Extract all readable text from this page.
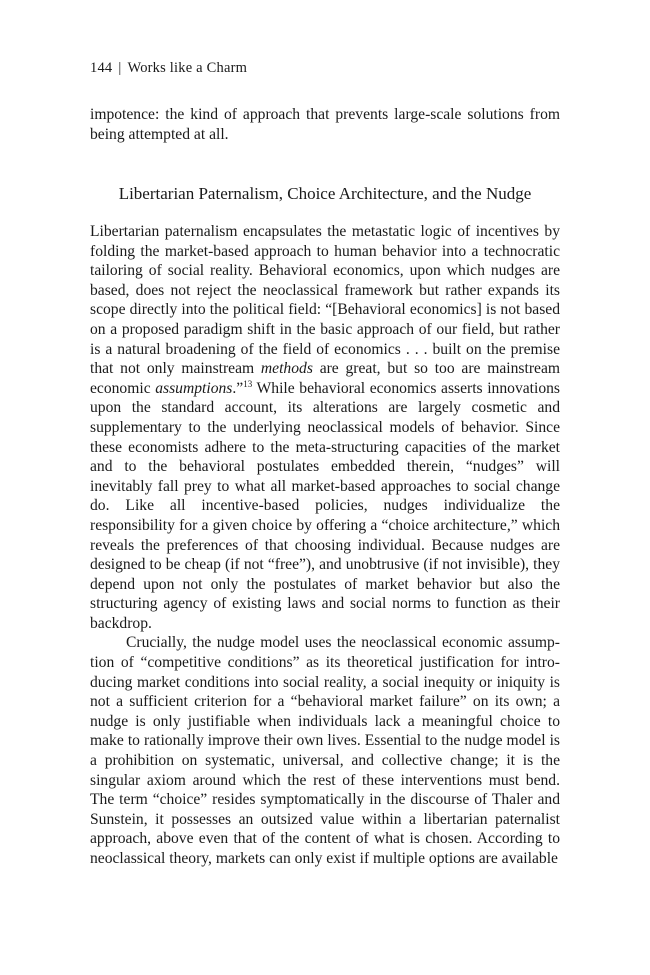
144 | Works like a Charm

impotence: the kind of approach that prevents large-scale solutions from being attempted at all.

Libertarian Paternalism, Choice Architecture, and the Nudge

Libertarian paternalism encapsulates the metastatic logic of incentives by folding the market-based approach to human behavior into a technocratic tailoring of social reality. Behavioral economics, upon which nudges are based, does not reject the neoclassical framework but rather expands its scope directly into the political field: “[Behavioral economics] is not based on a proposed paradigm shift in the basic approach of our field, but rather is a natural broadening of the field of economics . . . built on the premise that not only mainstream methods are great, but so too are mainstream economic assumptions.”$^{13}$ While behavioral economics asserts innovations upon the standard account, its alterations are largely cosmetic and supplementary to the underlying neoclassical models of behavior. Since these economists adhere to the meta-structuring capacities of the market and to the behavioral postulates embedded therein, “nudges” will inevitably fall prey to what all market-based approaches to social change do. Like all incentive-based policies, nudges individualize the responsibility for a given choice by offering a “choice architecture,” which reveals the preferences of that choosing individual. Because nudges are designed to be cheap (if not “free”), and unobtrusive (if not invisible), they depend upon not only the postulates of market behavior but also the structuring agency of existing laws and social norms to function as their backdrop.

Crucially, the nudge model uses the neoclassical economic assumption of “competitive conditions” as its theoretical justification for introducing market conditions into social reality, a social inequity or iniquity is not a sufficient criterion for a “behavioral market failure” on its own; a nudge is only justifiable when individuals lack a meaningful choice to make to rationally improve their own lives. Essential to the nudge model is a prohibition on systematic, universal, and collective change; it is the singular axiom around which the rest of these interventions must bend. The term “choice” resides symptomatically in the discourse of Thaler and Sunstein, it possesses an outsized value within a libertarian paternalist approach, above even that of the content of what is chosen. According to neoclassical theory, markets can only exist if multiple options are available
